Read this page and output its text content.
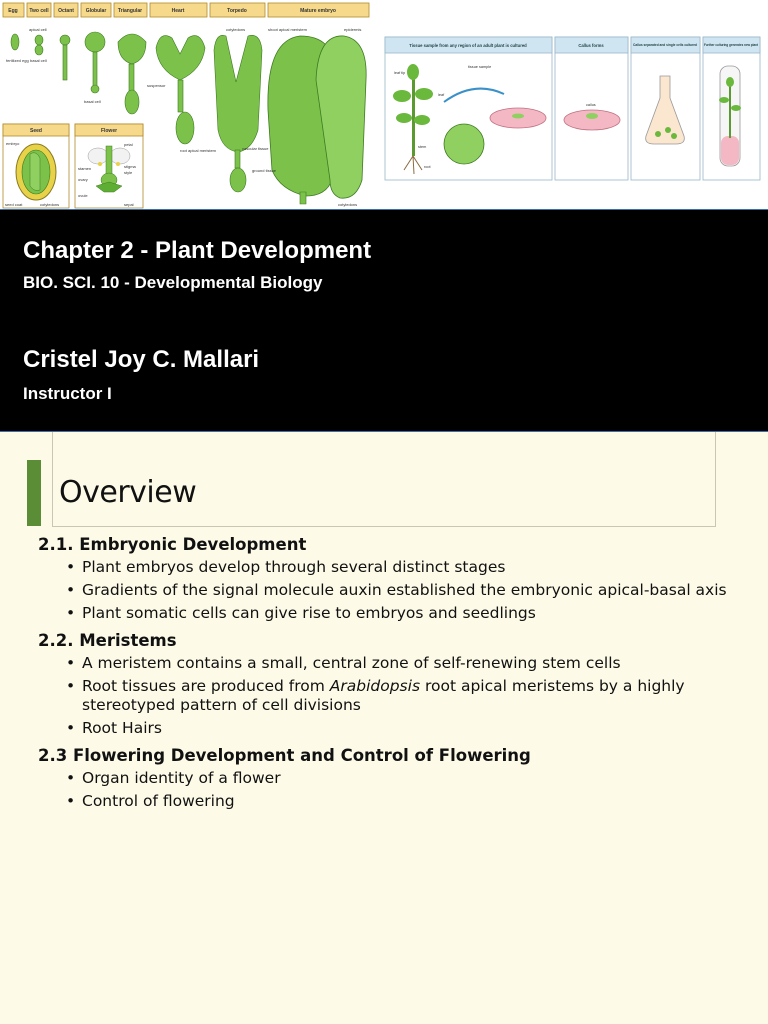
Egg Two cell Octant Globular Triangular	Heart	Torpedo	Mature embryo
apical cell
fertilized egg basal cell
basal cell
suspensor
cotyledons	shoot apical meristem	epidermis
root apical meristem	vascular tissue
ground tissue
cotyledons
Seed
embryo
seed coat	cotyledons
Flower
petal
stamen	stigma
style
ovary
ovule
sepal
Tissue sample from any region of an adult plant is cultured	Callus forms	Callus separated and single cells cultured Further culturing generates new plant
leaf tip
tissue sample
leaf
stem
root
callus
Chapter 2 - Plant Development
BIO. SCI. 10 - Developmental Biology
Cristel Joy C. Mallari
Instructor I
Overview
2.1. Embryonic Development
• Plant embryos develop through several distinct stages
• Gradients of the signal molecule auxin established the embryonic apical-basal axis
• Plant somatic cells can give rise to embryos and seedlings
2.2. Meristems
• A meristem contains a small, central zone of self-renewing stem cells
• Root tissues are produced from Arabidopsis root apical meristems by a highly stereotyped pattern of cell divisions
• Root Hairs
2.3 Flowering Development and Control of Flowering
• Organ identity of a flower
• Control of flowering
